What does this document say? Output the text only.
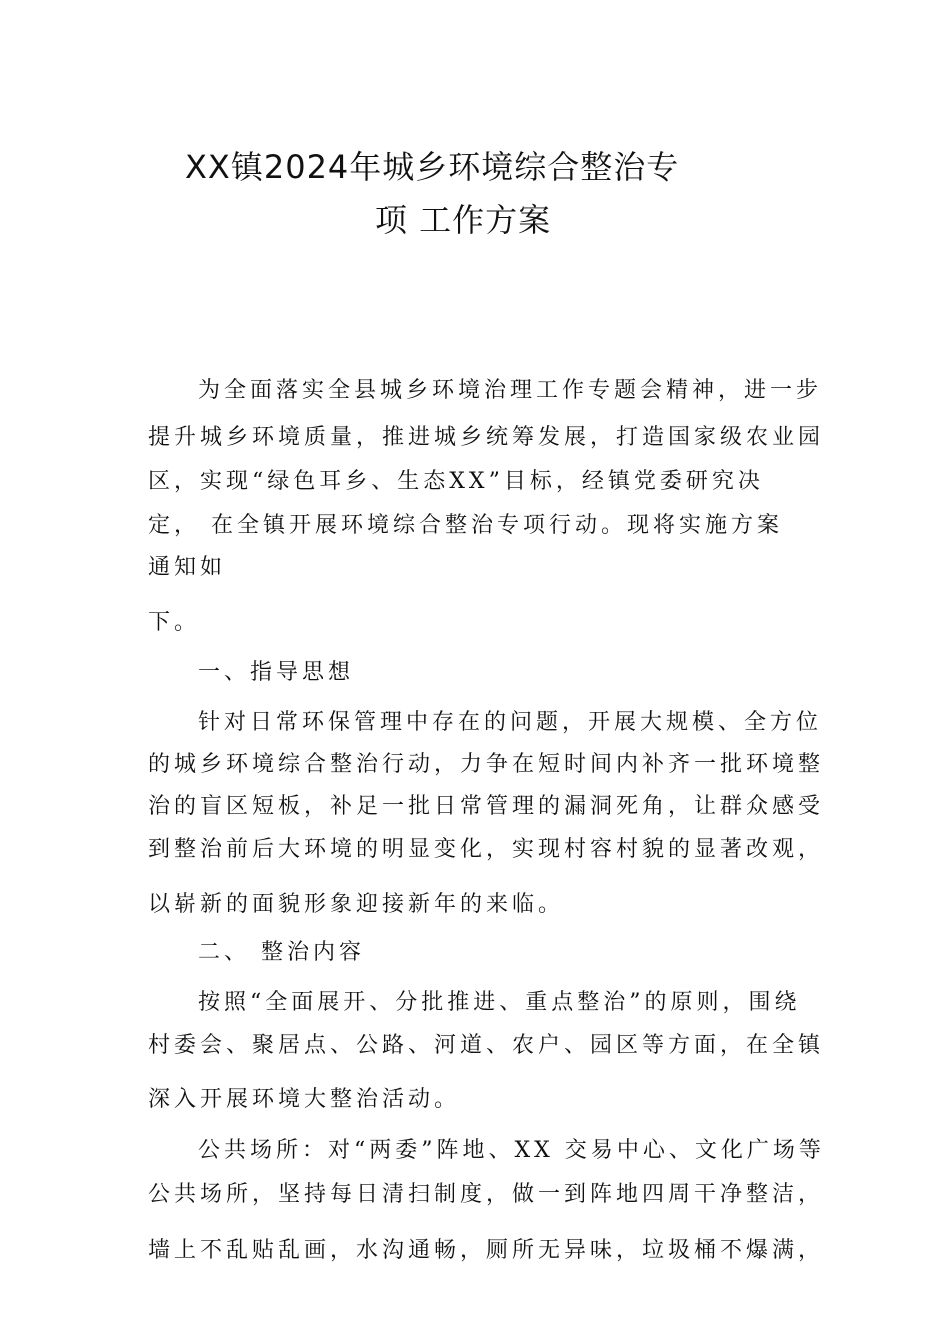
XX镇2024年城乡环境综合整治专
项 工作方案
为全面落实全县城乡环境治理工作专题会精神，进一步
提升城乡环境质量，推进城乡统筹发展，打造国家级农业园
区，实现“绿色耳乡、生态XX”目标，经镇党委研究决
定， 在全镇开展环境综合整治专项行动。现将实施方案
通知如
下。
一、指导思想
针对日常环保管理中存在的问题，开展大规模、全方位
的城乡环境综合整治行动，力争在短时间内补齐一批环境整
治的盲区短板，补足一批日常管理的漏洞死角，让群众感受
到整治前后大环境的明显变化，实现村容村貌的显著改观，
以崭新的面貌形象迎接新年的来临。
二、 整治内容
按照“全面展开、分批推进、重点整治”的原则，围绕
村委会、聚居点、公路、河道、农户、园区等方面，在全镇
深入开展环境大整治活动。
公共场所：对“两委”阵地、XX 交易中心、文化广场等
公共场所，坚持每日清扫制度，做一到阵地四周干净整洁，
墙上不乱贴乱画，水沟通畅，厕所无异味，垃圾桶不爆满，
